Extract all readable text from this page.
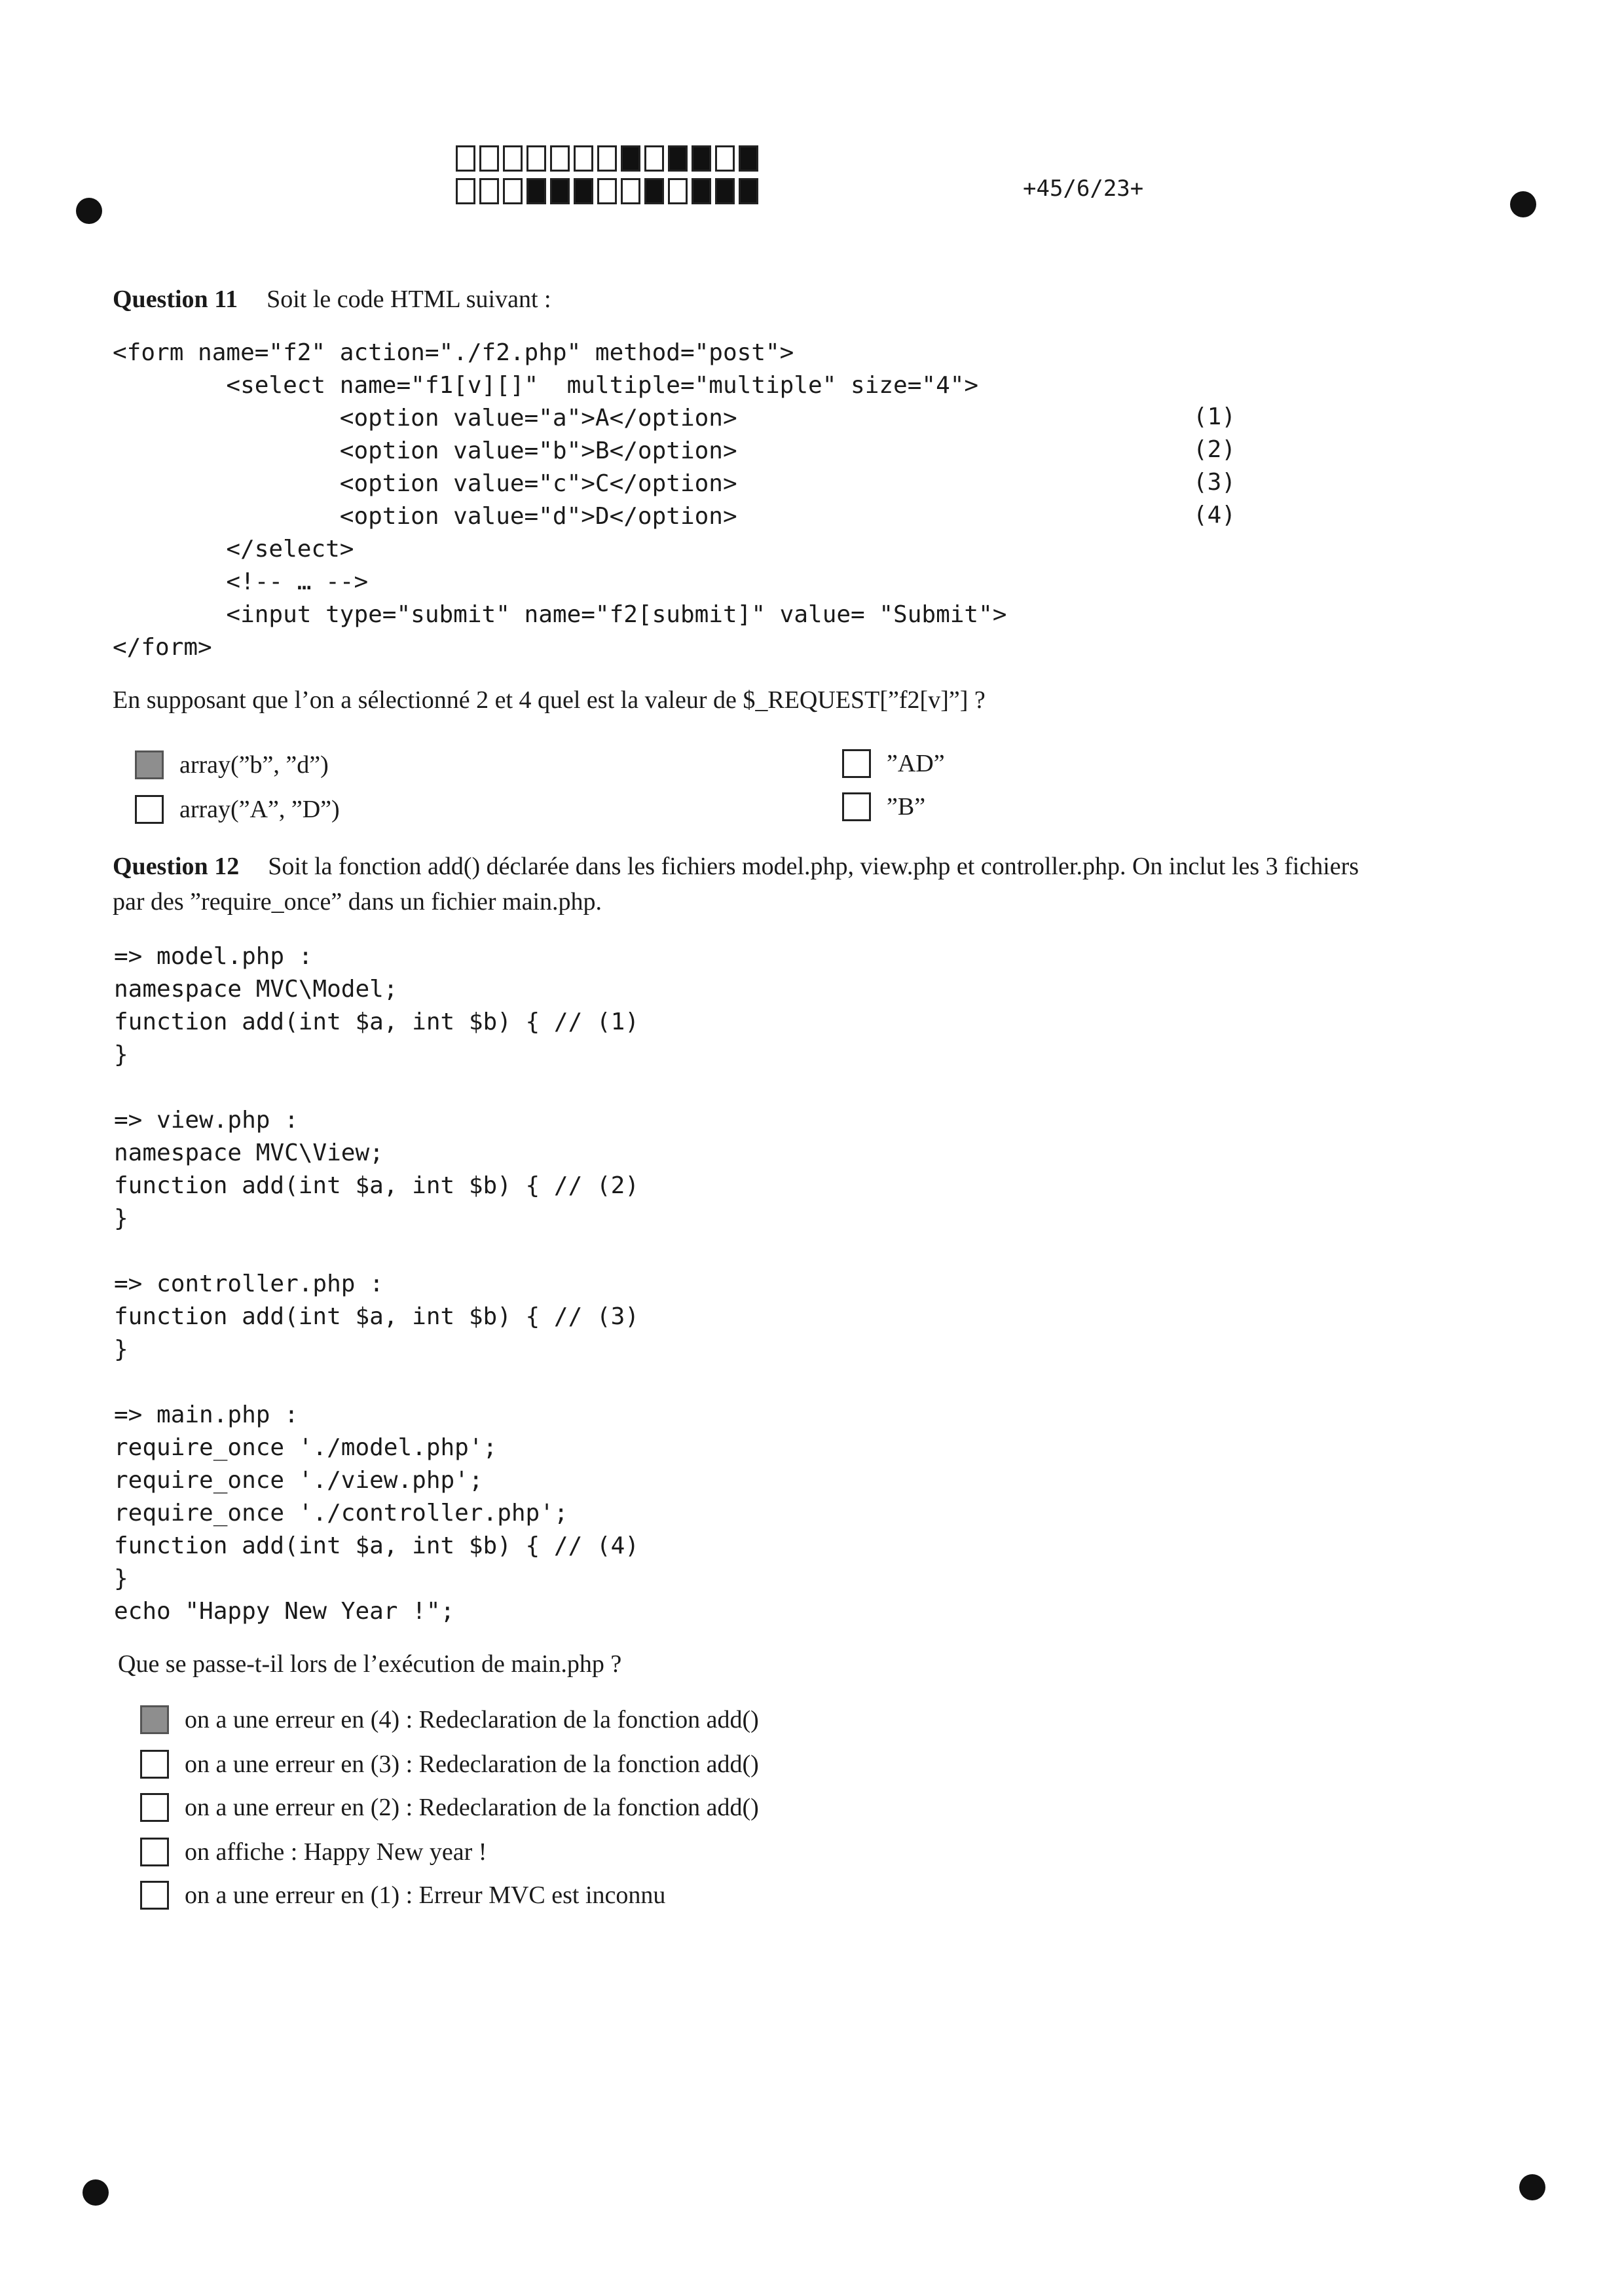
+45/6/23+
Question 11 Soit le code HTML suivant :
<form name="f2" action="./f2.php" method="post">
<select name="f1[v][]"  multiple="multiple" size="4">
<option value="a">A</option>
<option value="b">B</option>
<option value="c">C</option>
<option value="d">D</option>
</select>
<!-- … -->
<input type="submit" name="f2[submit]" value= "Submit">
</form>
(1)
(2)
(3)
(4)
En supposant que l’on a sélectionné 2 et 4 quel est la valeur de $_REQUEST[”f2[v]”] ?
array(”b”, ”d”)
array(”A”, ”D”)
”AD”
”B”
Question 12 Soit la fonction add() déclarée dans les fichiers model.php, view.php et controller.php. On inclut les 3 fichiers
par des ”require_once” dans un fichier main.php.
=> model.php :
namespace MVC\Model;
function add(int $a, int $b) { // (1)
}

=> view.php :
namespace MVC\View;
function add(int $a, int $b) { // (2)
}

=> controller.php :
function add(int $a, int $b) { // (3)
}

=> main.php :
require_once './model.php';
require_once './view.php';
require_once './controller.php';
function add(int $a, int $b) { // (4)
}
echo "Happy New Year !";
Que se passe-t-il lors de l’exécution de main.php ?
on a une erreur en (4) : Redeclaration de la fonction add()
on a une erreur en (3) : Redeclaration de la fonction add()
on a une erreur en (2) : Redeclaration de la fonction add()
on affiche : Happy New year !
on a une erreur en (1) : Erreur MVC est inconnu
